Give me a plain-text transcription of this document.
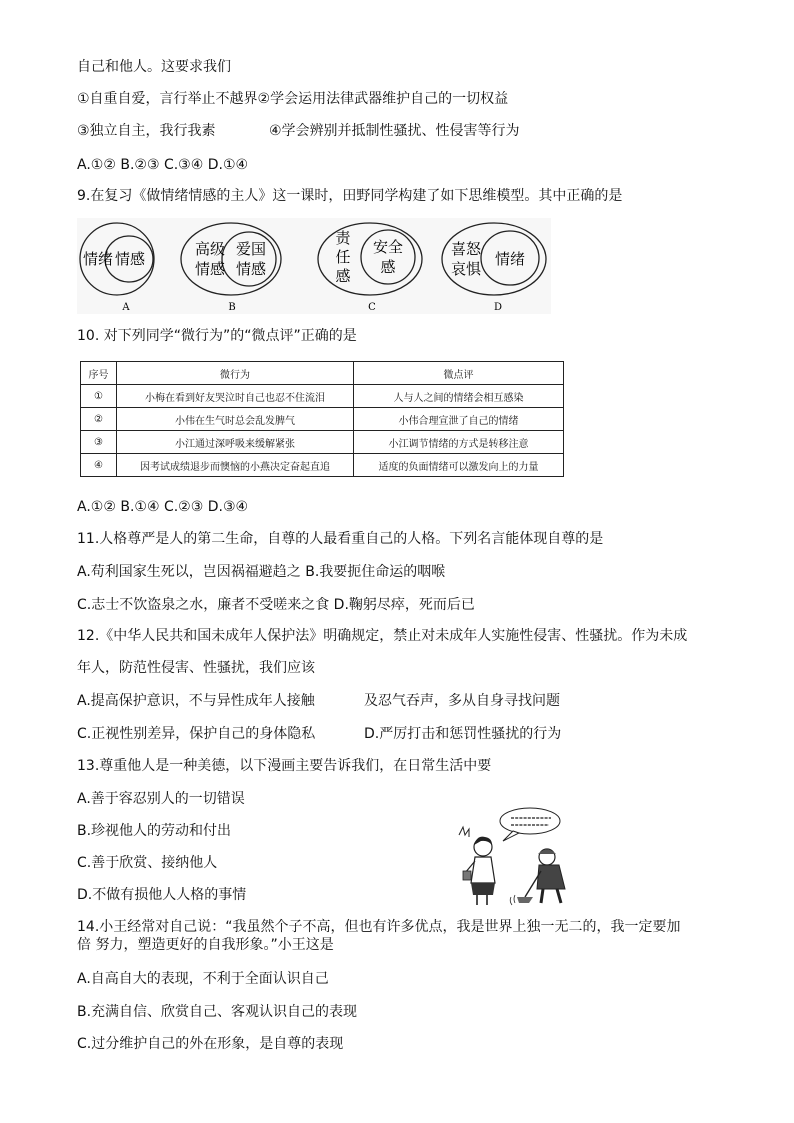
自己和他人。这要求我们
①自重自爱，言行举止不越界②学会运用法律武器维护自己的一切权益
③独立自主，我行我素	④学会辨别并抵制性骚扰、性侵害等行为
A.①② B.②③ C.③④ D.①④
9.在复习《做情绪情感的主人》这一课时，田野同学构建了如下思维模型。其中正确的是
情绪 情感
A
高级
情感
爱国
情感
B
责
任
感
安全
感
C
喜怒
哀惧
情绪
D
10. 对下列同学“微行为”的“微点评”正确的是
序号	微行为	微点评
①	小梅在看到好友哭泣时自己也忍不住流泪	人与人之间的情绪会相互感染
②	小伟在生气时总会乱发脾气	小伟合理宣泄了自己的情绪
③	小江通过深呼吸来缓解紧张	小江调节情绪的方式是转移注意
④	因考试成绩退步而懊恼的小燕决定奋起直追	适度的负面情绪可以激发向上的力量
A.①② B.①④ C.②③ D.③④
11.人格尊严是人的第二生命，自尊的人最看重自己的人格。下列名言能体现自尊的是
A.苟利国家生死以，岂因祸福避趋之 B.我要扼住命运的咽喉
C.志士不饮盗泉之水，廉者不受嗟来之食 D.鞠躬尽瘁，死而后已
12.《中华人民共和国未成年人保护法》明确规定，禁止对未成年人实施性侵害、性骚扰。作为未成
年人，防范性侵害、性骚扰，我们应该
A.提高保护意识，不与异性成年人接触	及忍气吞声，多从自身寻找问题
C.正视性别差异，保护自己的身体隐私	D.严厉打击和惩罚性骚扰的行为
13.尊重他人是一种美德，以下漫画主要告诉我们，在日常生活中要
A.善于容忍别人的一切错误
B.珍视他人的劳动和付出
C.善于欣赏、接纳他人
D.不做有损他人人格的事情
14.小王经常对自己说：“我虽然个子不高，但也有许多优点，我是世界上独一无二的，我一定要加
倍 努力，塑造更好的自我形象。”小王这是
A.自高自大的表现，不利于全面认识自己
B.充满自信、欣赏自己、客观认识自己的表现
C.过分维护自己的外在形象，是自尊的表现
